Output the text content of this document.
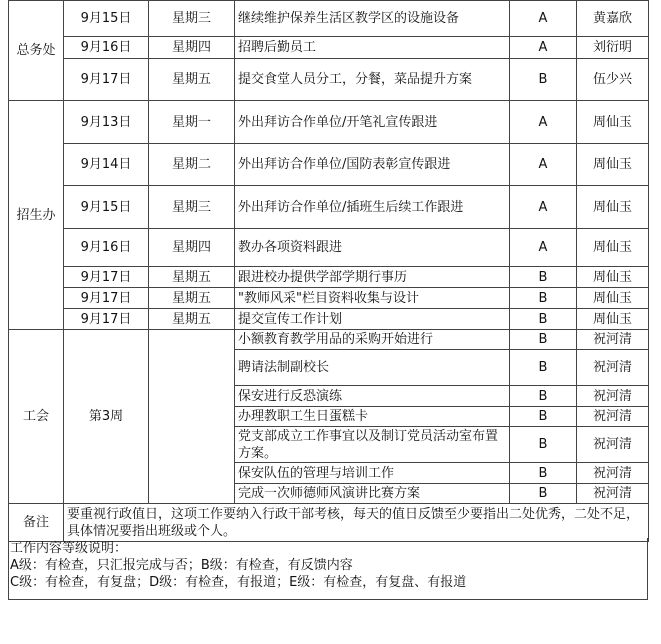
总务处	9月15日	星期三	继续维护保养生活区教学区的设施设备	A	黄嘉欣
	9月16日	星期四	招聘后勤员工	A	刘衍明
	9月17日	星期五	提交食堂人员分工，分餐，菜品提升方案	B	伍少兴
招生办	9月13日	星期一	外出拜访合作单位/开笔礼宣传跟进	A	周仙玉
	9月14日	星期二	外出拜访合作单位/国防表彰宣传跟进	A	周仙玉
	9月15日	星期三	外出拜访合作单位/插班生后续工作跟进	A	周仙玉
	9月16日	星期四	教办各项资料跟进	A	周仙玉
	9月17日	星期五	跟进校办提供学部学期行事历	B	周仙玉
	9月17日	星期五	"教师风采"栏目资料收集与设计	B	周仙玉
	9月17日	星期五	提交宣传工作计划	B	周仙玉
工会	第3周		小额教育教学用品的采购开始进行	B	祝河清
			聘请法制副校长	B	祝河清
			保安进行反恐演练	B	祝河清
			办理教职工生日蛋糕卡	B	祝河清
			党支部成立工作事宜以及制订党员活动室布置方案。	B	祝河清
			保安队伍的管理与培训工作	B	祝河清
			完成一次师德师风演讲比赛方案	B	祝河清
备注	要重视行政值日，这项工作要纳入行政干部考核，每天的值日反馈至少要指出二处优秀，二处不足，具体情况要指出班级或个人。				
工作内容等级说明：
A级：有检查，只汇报完成与否；B级：有检查，有反馈内容
C级：有检查，有复盘；D级：有检查，有报道；E级：有检查，有复盘、有报道
